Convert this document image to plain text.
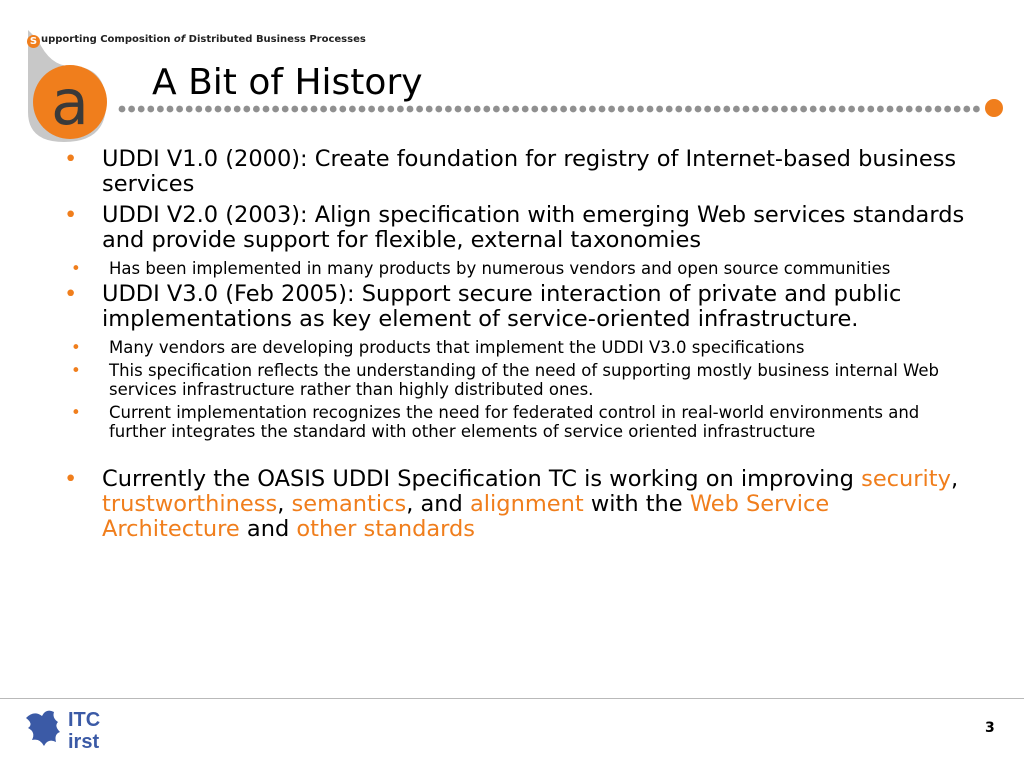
a
S upporting Composition of Distributed Business Processes
A Bit of History
• UDDI V1.0 (2000): Create foundation for registry of Internet-based business services
• UDDI V2.0 (2003): Align specification with emerging Web services standards and provide support for flexible, external taxonomies
•	Has been implemented in many products by numerous vendors and open source communities
• UDDI V3.0 (Feb 2005): Support secure interaction of private and public implementations as key element of service-oriented infrastructure.
•	Many vendors are developing products that implement the UDDI V3.0 specifications
•	This specification reflects the understanding of the need of supporting mostly business internal Web services infrastructure rather than highly distributed ones.
•	Current implementation recognizes the need for federated control in real-world environments and further integrates the standard with other elements of service oriented infrastructure
• Currently the OASIS UDDI Specification TC is working on improving security, trustworthiness, semantics, and alignment with the Web Service Architecture and other standards
ITC
irst
3
